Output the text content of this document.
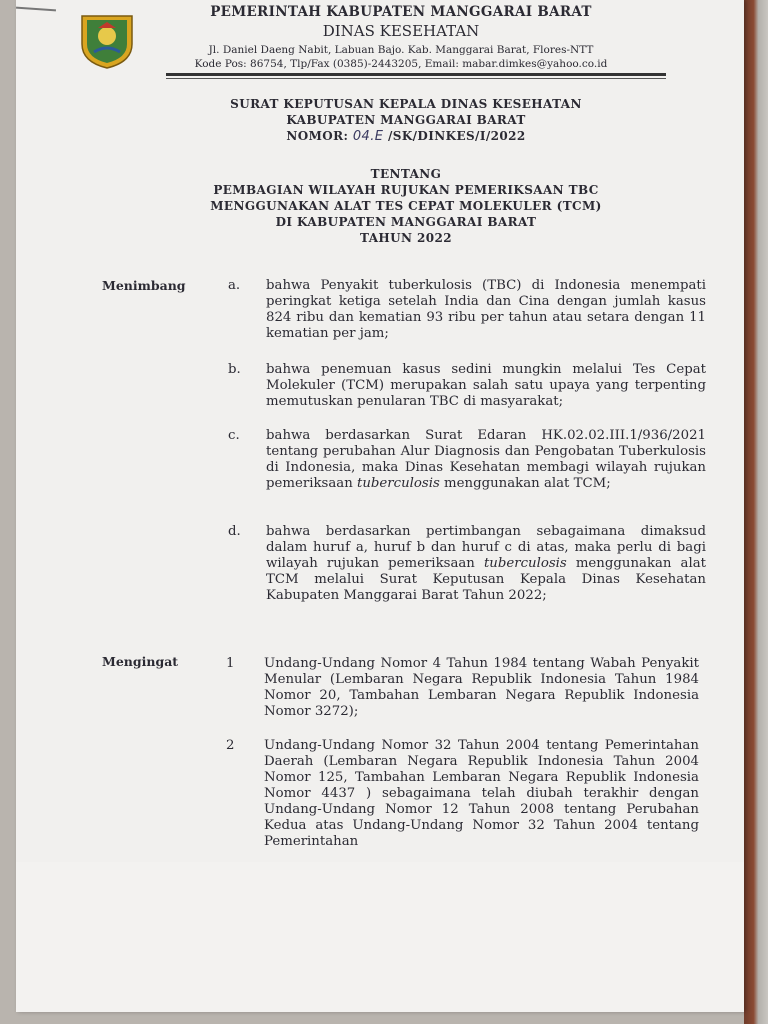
PEMERINTAH KABUPATEN MANGGARAI BARAT
DINAS KESEHATAN
Jl. Daniel Daeng Nabit, Labuan Bajo. Kab. Manggarai Barat, Flores-NTT
Kode Pos: 86754, Tlp/Fax (0385)-2443205, Email: mabar.dimkes@yahoo.co.id
SURAT KEPUTUSAN KEPALA DINAS KESEHATAN
KABUPATEN MANGGARAI BARAT
NOMOR: 04.E /SK/DINKES/I/2022
TENTANG
PEMBAGIAN WILAYAH RUJUKAN PEMERIKSAAN TBC
MENGGUNAKAN ALAT TES CEPAT MOLEKULER (TCM)
DI KABUPATEN MANGGARAI BARAT
TAHUN 2022
Menimbang	a. bahwa Penyakit tuberkulosis (TBC) di Indonesia menempati peringkat ketiga setelah India dan Cina dengan jumlah kasus 824 ribu dan kematian 93 ribu per tahun atau setara dengan 11 kematian per jam;
b. bahwa penemuan kasus sedini mungkin melalui Tes Cepat Molekuler (TCM) merupakan salah satu upaya yang terpenting memutuskan penularan TBC di masyarakat;
c. bahwa berdasarkan Surat Edaran HK.02.02.III.1/936/2021 tentang perubahan Alur Diagnosis dan Pengobatan Tuberkulosis di Indonesia, maka Dinas Kesehatan membagi wilayah rujukan pemeriksaan tuberculosis menggunakan alat TCM;
d. bahwa berdasarkan pertimbangan sebagaimana dimaksud dalam huruf a, huruf b dan huruf c di atas, maka perlu di bagi wilayah rujukan pemeriksaan tuberculosis menggunakan alat TCM melalui Surat Keputusan Kepala Dinas Kesehatan Kabupaten Manggarai Barat Tahun 2022;
Mengingat	1 Undang-Undang Nomor 4 Tahun 1984 tentang Wabah Penyakit Menular (Lembaran Negara Republik Indonesia Tahun 1984 Nomor 20, Tambahan Lembaran Negara Republik Indonesia Nomor 3272);
2 Undang-Undang Nomor 32 Tahun 2004 tentang Pemerintahan Daerah (Lembaran Negara Republik Indonesia Tahun 2004 Nomor 125, Tambahan Lembaran Negara Republik Indonesia Nomor 4437 ) sebagaimana telah diubah terakhir dengan Undang-Undang Nomor 12 Tahun 2008 tentang Perubahan Kedua atas Undang-Undang Nomor 32 Tahun 2004 tentang Pemerintahan
